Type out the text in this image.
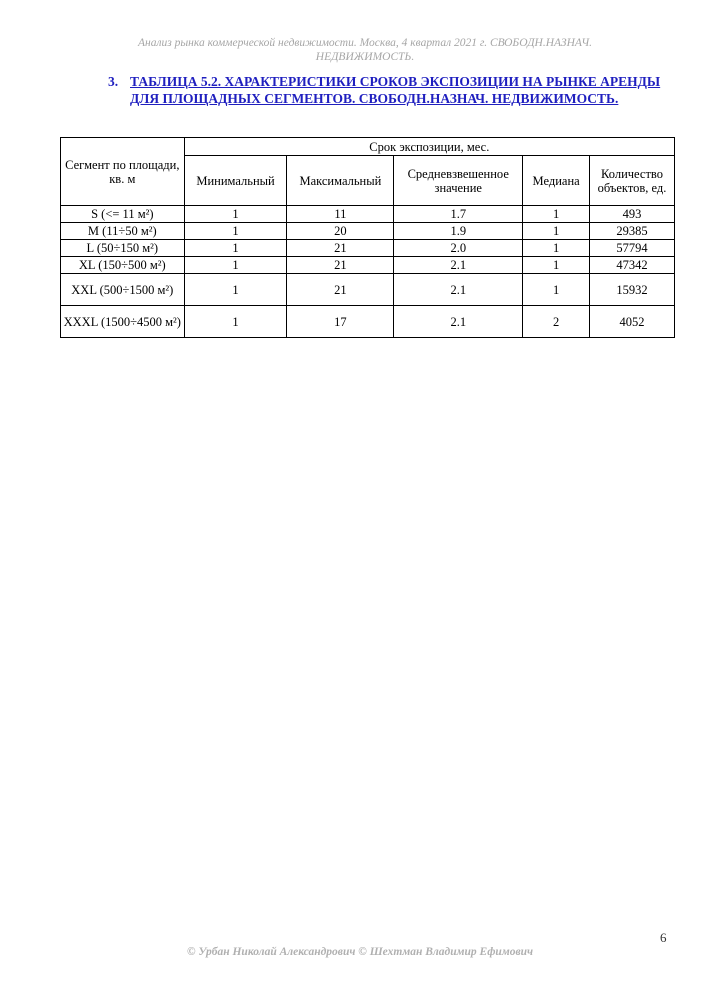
Анализ рынка коммерческой недвижимости. Москва, 4 квартал 2021 г. СВОБОДН.НАЗНАЧ.
НЕДВИЖИМОСТЬ.
3. ТАБЛИЦА 5.2. ХАРАКТЕРИСТИКИ СРОКОВ ЭКСПОЗИЦИИ НА РЫНКЕ АРЕНДЫ ДЛЯ ПЛОЩАДНЫХ СЕГМЕНТОВ. СВОБОДН.НАЗНАЧ. НЕДВИЖИМОСТЬ.
Сегмент по площади, кв. м	Срок экспозиции, мес.				
	Минимальный	Максимальный	Средневзвешенное значение	Медиана	Количество объектов, ед.
S (<= 11 м²)	1	11	1.7	1	493
M (11÷50 м²)	1	20	1.9	1	29385
L (50÷150 м²)	1	21	2.0	1	57794
XL (150÷500 м²)	1	21	2.1	1	47342
XXL (500÷1500 м²)	1	21	2.1	1	15932
XXXL (1500÷4500 м²)	1	17	2.1	2	4052
6
© Урбан Николай Александрович © Шехтман Владимир Ефимович
